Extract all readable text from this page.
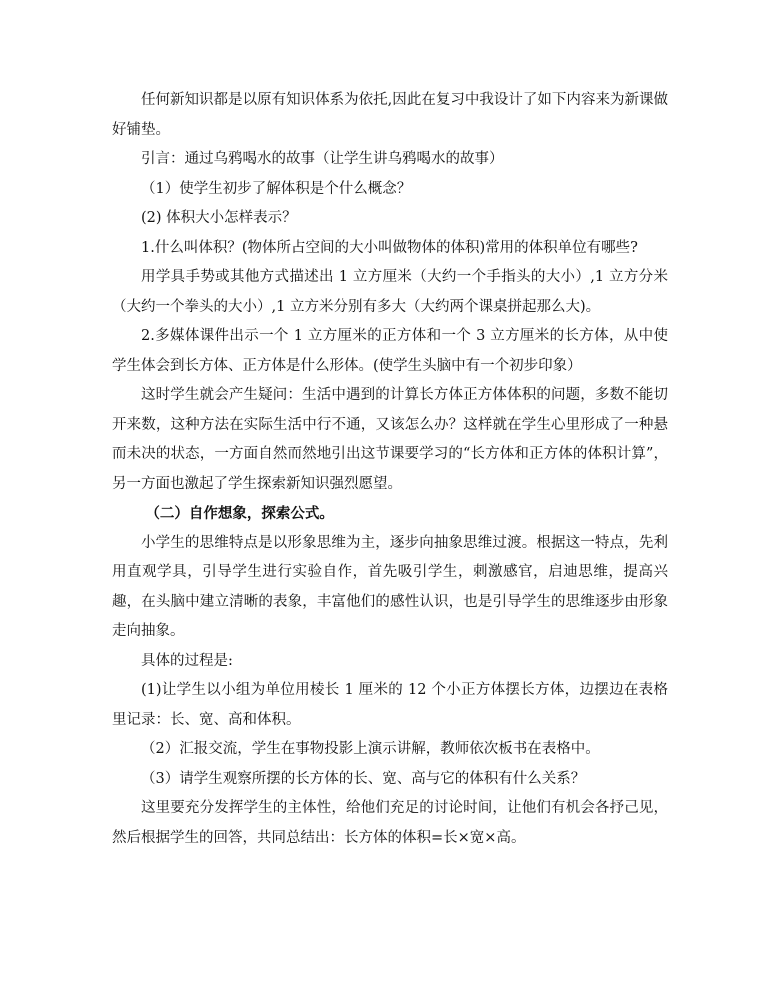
任何新知识都是以原有知识体系为依托,因此在复习中我设计了如下内容来为新课做好铺垫。

引言：通过乌鸦喝水的故事（让学生讲乌鸦喝水的故事）

（1）使学生初步了解体积是个什么概念？

(2) 体积大小怎样表示？

1.什么叫体积？(物体所占空间的大小叫做物体的体积)常用的体积单位有哪些?

用学具手势或其他方式描述出 1 立方厘米（大约一个手指头的大小）,1 立方分米（大约一个拳头的大小）,1 立方米分别有多大（大约两个课桌拼起那么大)。

2.多媒体课件出示一个 1 立方厘米的正方体和一个 3 立方厘米的长方体，从中使学生体会到长方体、正方体是什么形体。(使学生头脑中有一个初步印象）

这时学生就会产生疑问：生活中遇到的计算长方体正方体体积的问题，多数不能切开来数，这种方法在实际生活中行不通，又该怎么办？这样就在学生心里形成了一种悬而未决的状态，一方面自然而然地引出这节课要学习的“长方体和正方体的体积计算”，另一方面也激起了学生探索新知识强烈愿望。

（二）自作想象，探索公式。

小学生的思维特点是以形象思维为主，逐步向抽象思维过渡。根据这一特点，先利用直观学具，引导学生进行实验自作，首先吸引学生，刺激感官，启迪思维，提高兴趣，在头脑中建立清晰的表象，丰富他们的感性认识，也是引导学生的思维逐步由形象走向抽象。

具体的过程是:

(1)让学生以小组为单位用棱长 1 厘米的 12 个小正方体摆长方体，边摆边在表格里记录：长、宽、高和体积。

（2）汇报交流，学生在事物投影上演示讲解，教师依次板书在表格中。

（3）请学生观察所摆的长方体的长、宽、高与它的体积有什么关系？

这里要充分发挥学生的主体性，给他们充足的讨论时间，让他们有机会各抒己见，然后根据学生的回答，共同总结出：长方体的体积=长×宽×高。
